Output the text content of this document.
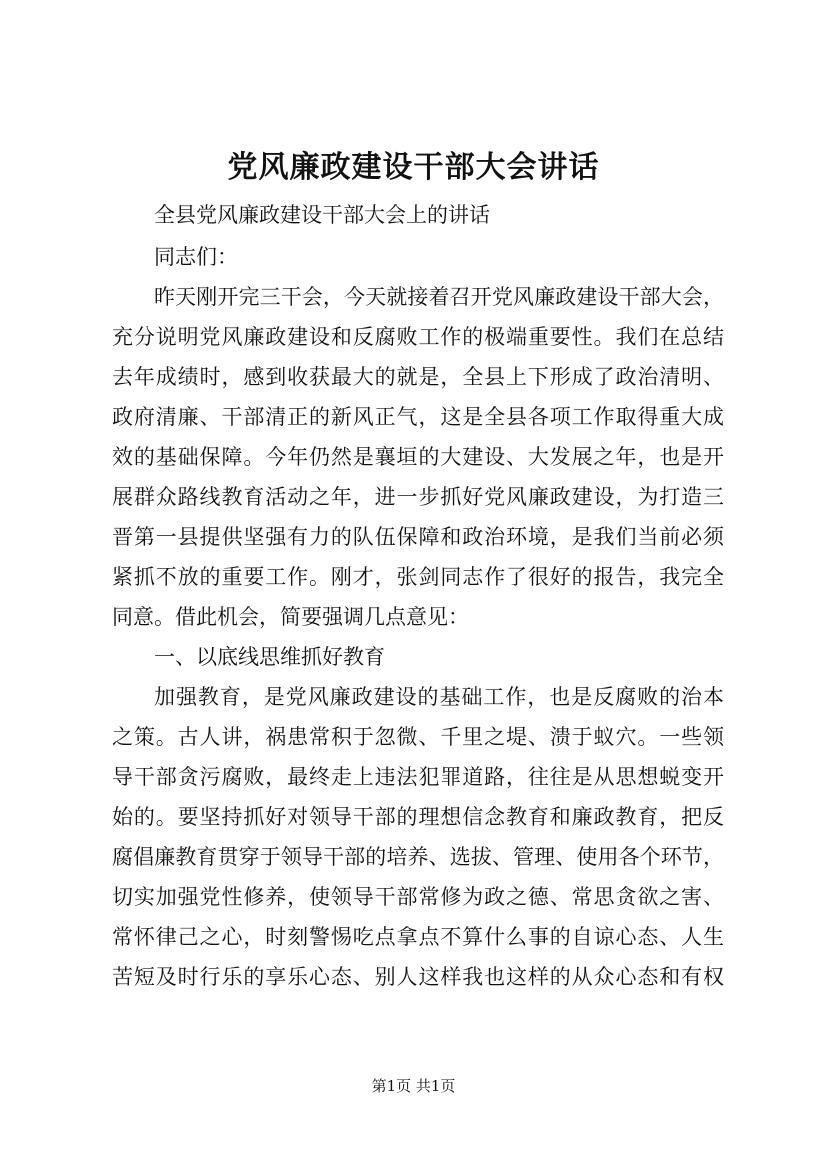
党风廉政建设干部大会讲话
全县党风廉政建设干部大会上的讲话
同志们：
昨天刚开完三干会，今天就接着召开党风廉政建设干部大会，
充分说明党风廉政建设和反腐败工作的极端重要性。我们在总结
去年成绩时，感到收获最大的就是，全县上下形成了政治清明、
政府清廉、干部清正的新风正气，这是全县各项工作取得重大成
效的基础保障。今年仍然是襄垣的大建设、大发展之年，也是开
展群众路线教育活动之年，进一步抓好党风廉政建设，为打造三
晋第一县提供坚强有力的队伍保障和政治环境，是我们当前必须
紧抓不放的重要工作。刚才，张剑同志作了很好的报告，我完全
同意。借此机会，简要强调几点意见：
一、以底线思维抓好教育
加强教育，是党风廉政建设的基础工作，也是反腐败的治本
之策。古人讲，祸患常积于忽微、千里之堤、溃于蚁穴。一些领
导干部贪污腐败，最终走上违法犯罪道路，往往是从思想蜕变开
始的。要坚持抓好对领导干部的理想信念教育和廉政教育，把反
腐倡廉教育贯穿于领导干部的培养、选拔、管理、使用各个环节，
切实加强党性修养，使领导干部常修为政之德、常思贪欲之害、
常怀律己之心，时刻警惕吃点拿点不算什么事的自谅心态、人生
苦短及时行乐的享乐心态、别人这样我也这样的从众心态和有权
第1页 共1页
